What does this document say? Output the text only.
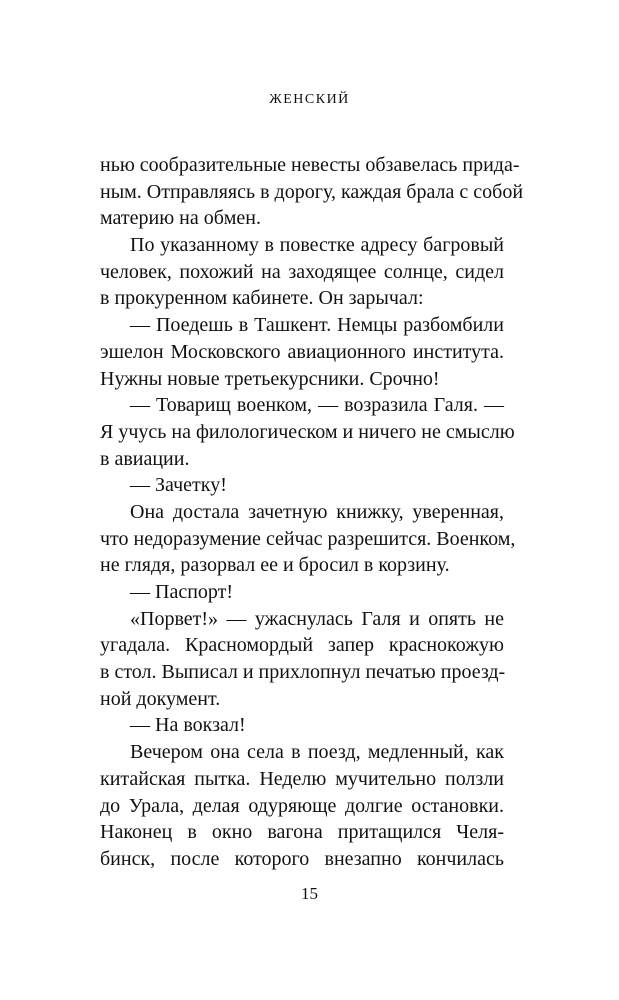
ЖЕНСКИЙ
нью сообразительные невесты обзавелась прида-
ным. Отправляясь в дорогу, каждая брала с собой
материю на обмен.
По указанному в повестке адресу багровый
человек, похожий на заходящее солнце, сидел
в прокуренном кабинете. Он зарычал:
— Поедешь в Ташкент. Немцы разбомбили
эшелон Московского авиационного института.
Нужны новые третьекурсники. Срочно!
— Товарищ военком, — возразила Галя. —
Я учусь на филологическом и ничего не смыслю
в авиации.
— Зачетку!
Она достала зачетную книжку, уверенная,
что недоразумение сейчас разрешится. Военком,
не глядя, разорвал ее и бросил в корзину.
— Паспорт!
«Порвет!» — ужаснулась Галя и опять не
угадала. Красномордый запер краснокожую
в стол. Выписал и прихлопнул печатью проезд-
ной документ.
— На вокзал!
Вечером она села в поезд, медленный, как
китайская пытка. Неделю мучительно ползли
до Урала, делая одуряюще долгие остановки.
Наконец в окно вагона притащился Челя-
бинск, после которого внезапно кончилась
15
